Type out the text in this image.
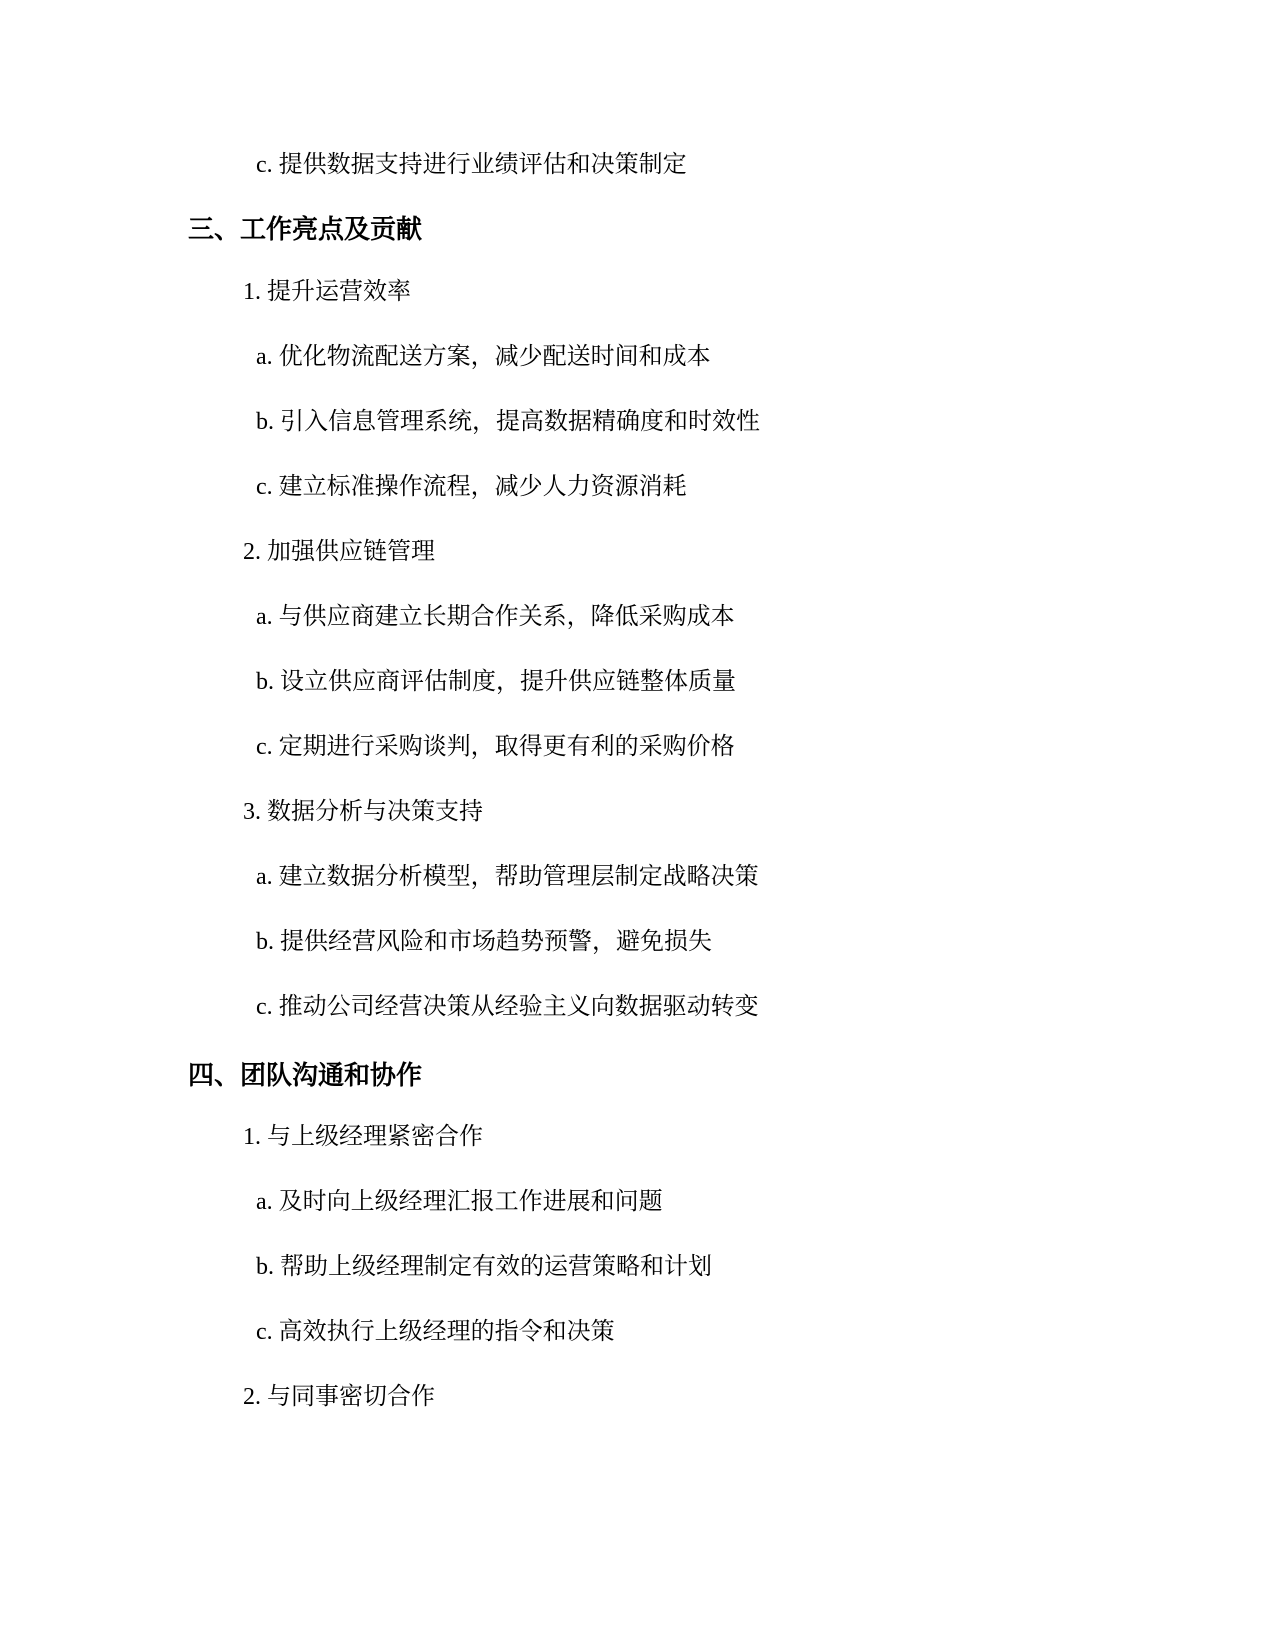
c. 提供数据支持进行业绩评估和决策制定
三、工作亮点及贡献
1. 提升运营效率
a. 优化物流配送方案，减少配送时间和成本
b. 引入信息管理系统，提高数据精确度和时效性
c. 建立标准操作流程，减少人力资源消耗
2. 加强供应链管理
a. 与供应商建立长期合作关系，降低采购成本
b. 设立供应商评估制度，提升供应链整体质量
c. 定期进行采购谈判，取得更有利的采购价格
3. 数据分析与决策支持
a. 建立数据分析模型，帮助管理层制定战略决策
b. 提供经营风险和市场趋势预警，避免损失
c. 推动公司经营决策从经验主义向数据驱动转变
四、团队沟通和协作
1. 与上级经理紧密合作
a. 及时向上级经理汇报工作进展和问题
b. 帮助上级经理制定有效的运营策略和计划
c. 高效执行上级经理的指令和决策
2. 与同事密切合作
